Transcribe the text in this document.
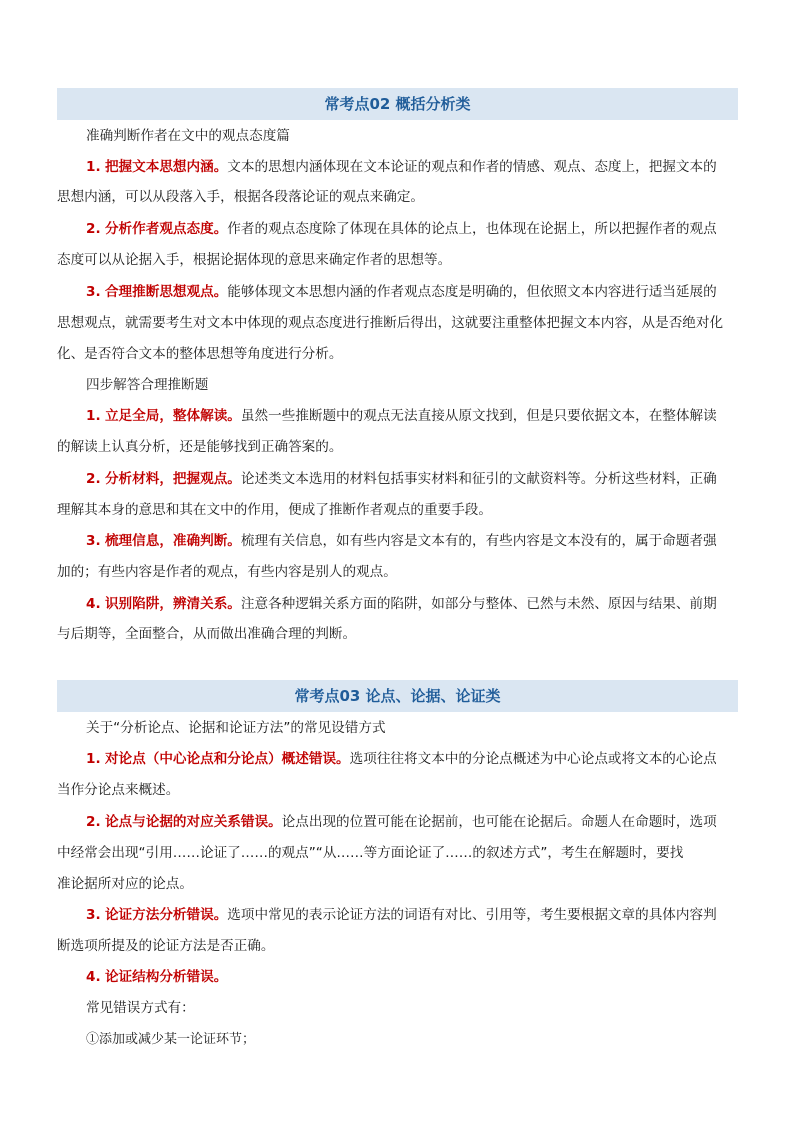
常考点02 概括分析类
准确判断作者在文中的观点态度篇
1. 把握文本思想内涵。文本的思想内涵体现在文本论证的观点和作者的情感、观点、态度上，把握文本的
思想内涵，可以从段落入手，根据各段落论证的观点来确定。
2. 分析作者观点态度。作者的观点态度除了体现在具体的论点上，也体现在论据上，所以把握作者的观点
态度可以从论据入手，根据论据体现的意思来确定作者的思想等。
3. 合理推断思想观点。能够体现文本思想内涵的作者观点态度是明确的，但依照文本内容进行适当延展的
思想观点，就需要考生对文本中体现的观点态度进行推断后得出，这就要注重整体把握文本内容，从是否绝对化
化、是否符合文本的整体思想等角度进行分析。
四步解答合理推断题
1. 立足全局，整体解读。虽然一些推断题中的观点无法直接从原文找到，但是只要依据文本，在整体解读
的解读上认真分析，还是能够找到正确答案的。
2. 分析材料，把握观点。论述类文本选用的材料包括事实材料和征引的文献资料等。分析这些材料，正确
理解其本身的意思和其在文中的作用，便成了推断作者观点的重要手段。
3. 梳理信息，准确判断。梳理有关信息，如有些内容是文本有的，有些内容是文本没有的，属于命题者强
加的；有些内容是作者的观点，有些内容是别人的观点。
4. 识别陷阱，辨清关系。注意各种逻辑关系方面的陷阱，如部分与整体、已然与未然、原因与结果、前期
与后期等，全面整合，从而做出准确合理的判断。
常考点03 论点、论据、论证类
关于“分析论点、论据和论证方法”的常见设错方式
1. 对论点（中心论点和分论点）概述错误。选项往往将文本中的分论点概述为中心论点或将文本的心论点
当作分论点来概述。
2. 论点与论据的对应关系错误。论点出现的位置可能在论据前，也可能在论据后。命题人在命题时，选项
中经常会出现“引用……论证了……的观点”“从……等方面论证了……的叙述方式”，考生在解题时，要找
准论据所对应的论点。
3. 论证方法分析错误。选项中常见的表示论证方法的词语有对比、引用等，考生要根据文章的具体内容判
断选项所提及的论证方法是否正确。
4. 论证结构分析错误。
常见错误方式有：
①添加或减少某一论证环节；
